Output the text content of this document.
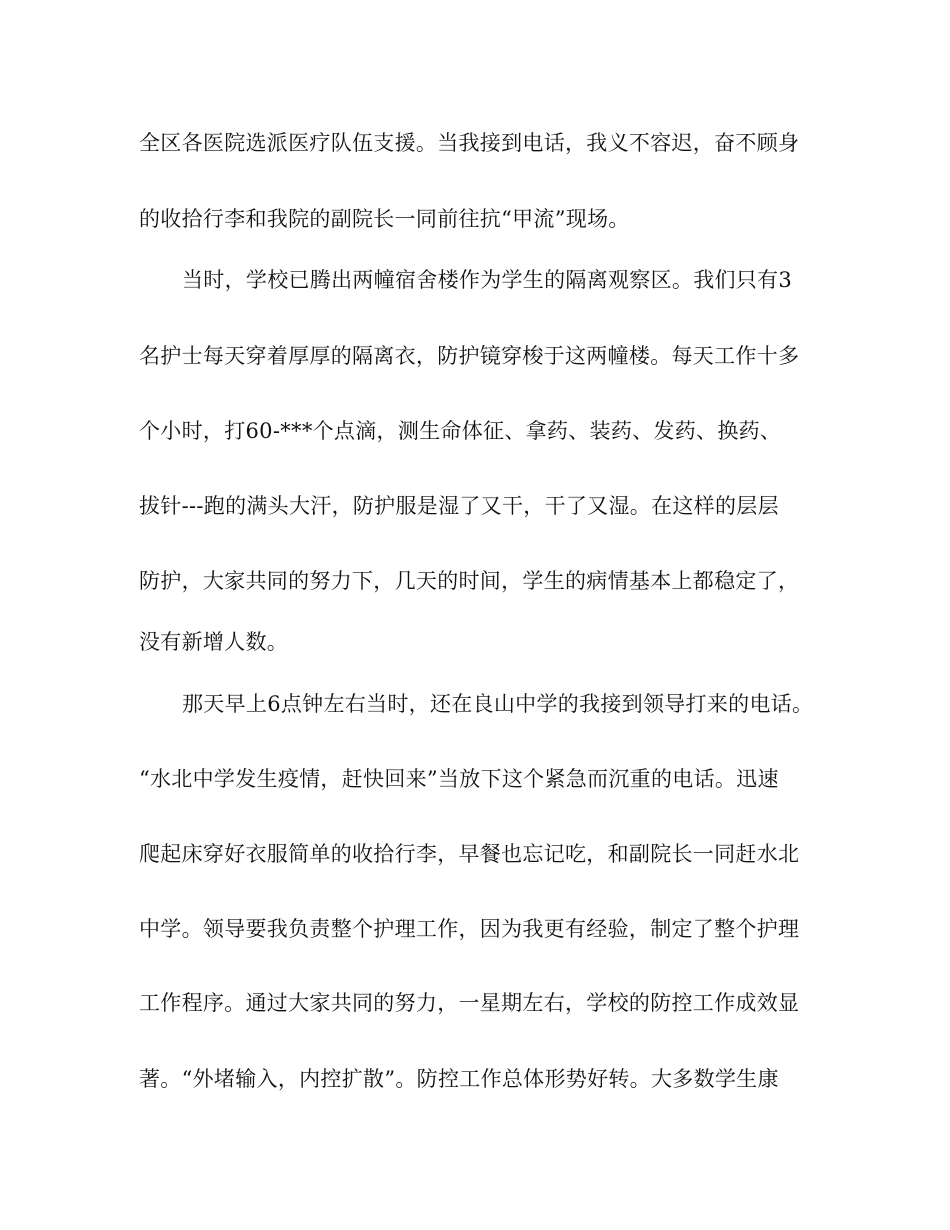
全区各医院选派医疗队伍支援。当我接到电话，我义不容迟，奋不顾身
的收拾行李和我院的副院长一同前往抗“甲流”现场。
当时，学校已腾出两幢宿舍楼作为学生的隔离观察区。我们只有3
名护士每天穿着厚厚的隔离衣，防护镜穿梭于这两幢楼。每天工作十多
个小时，打60-***个点滴，测生命体征、拿药、装药、发药、换药、
拔针---跑的满头大汗，防护服是湿了又干，干了又湿。在这样的层层
防护，大家共同的努力下，几天的时间，学生的病情基本上都稳定了，
没有新增人数。
那天早上6点钟左右当时，还在良山中学的我接到领导打来的电话。
“水北中学发生疫情，赶快回来”当放下这个紧急而沉重的电话。迅速
爬起床穿好衣服简单的收拾行李，早餐也忘记吃，和副院长一同赶水北
中学。领导要我负责整个护理工作，因为我更有经验，制定了整个护理
工作程序。通过大家共同的努力，一星期左右，学校的防控工作成效显
著。“外堵输入，内控扩散”。防控工作总体形势好转。大多数学生康
